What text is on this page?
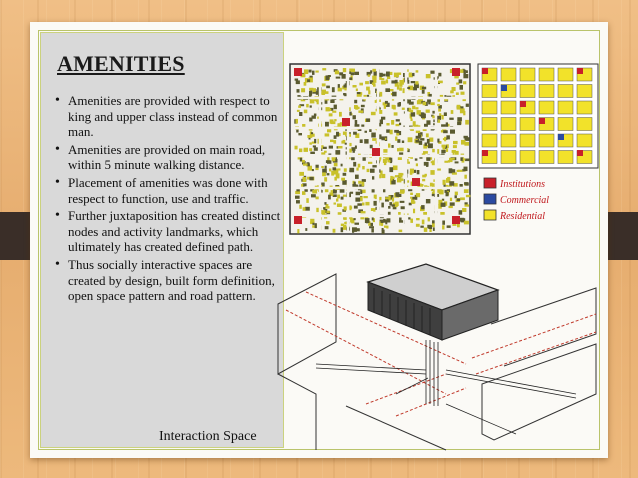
AMENITIES
• Amenities are provided with respect to king and upper class instead of common man.
• Amenities are provided on main road, within 5 minute walking distance.
• Placement of amenities was done with respect to function, use and traffic.
• Further juxtaposition has created distinct nodes and activity landmarks, which ultimately has created defined path.
• Thus socially interactive spaces are created by design, built form definition, open space pattern and road pattern.
Interaction Space
Institutions
Commercial
Residential
